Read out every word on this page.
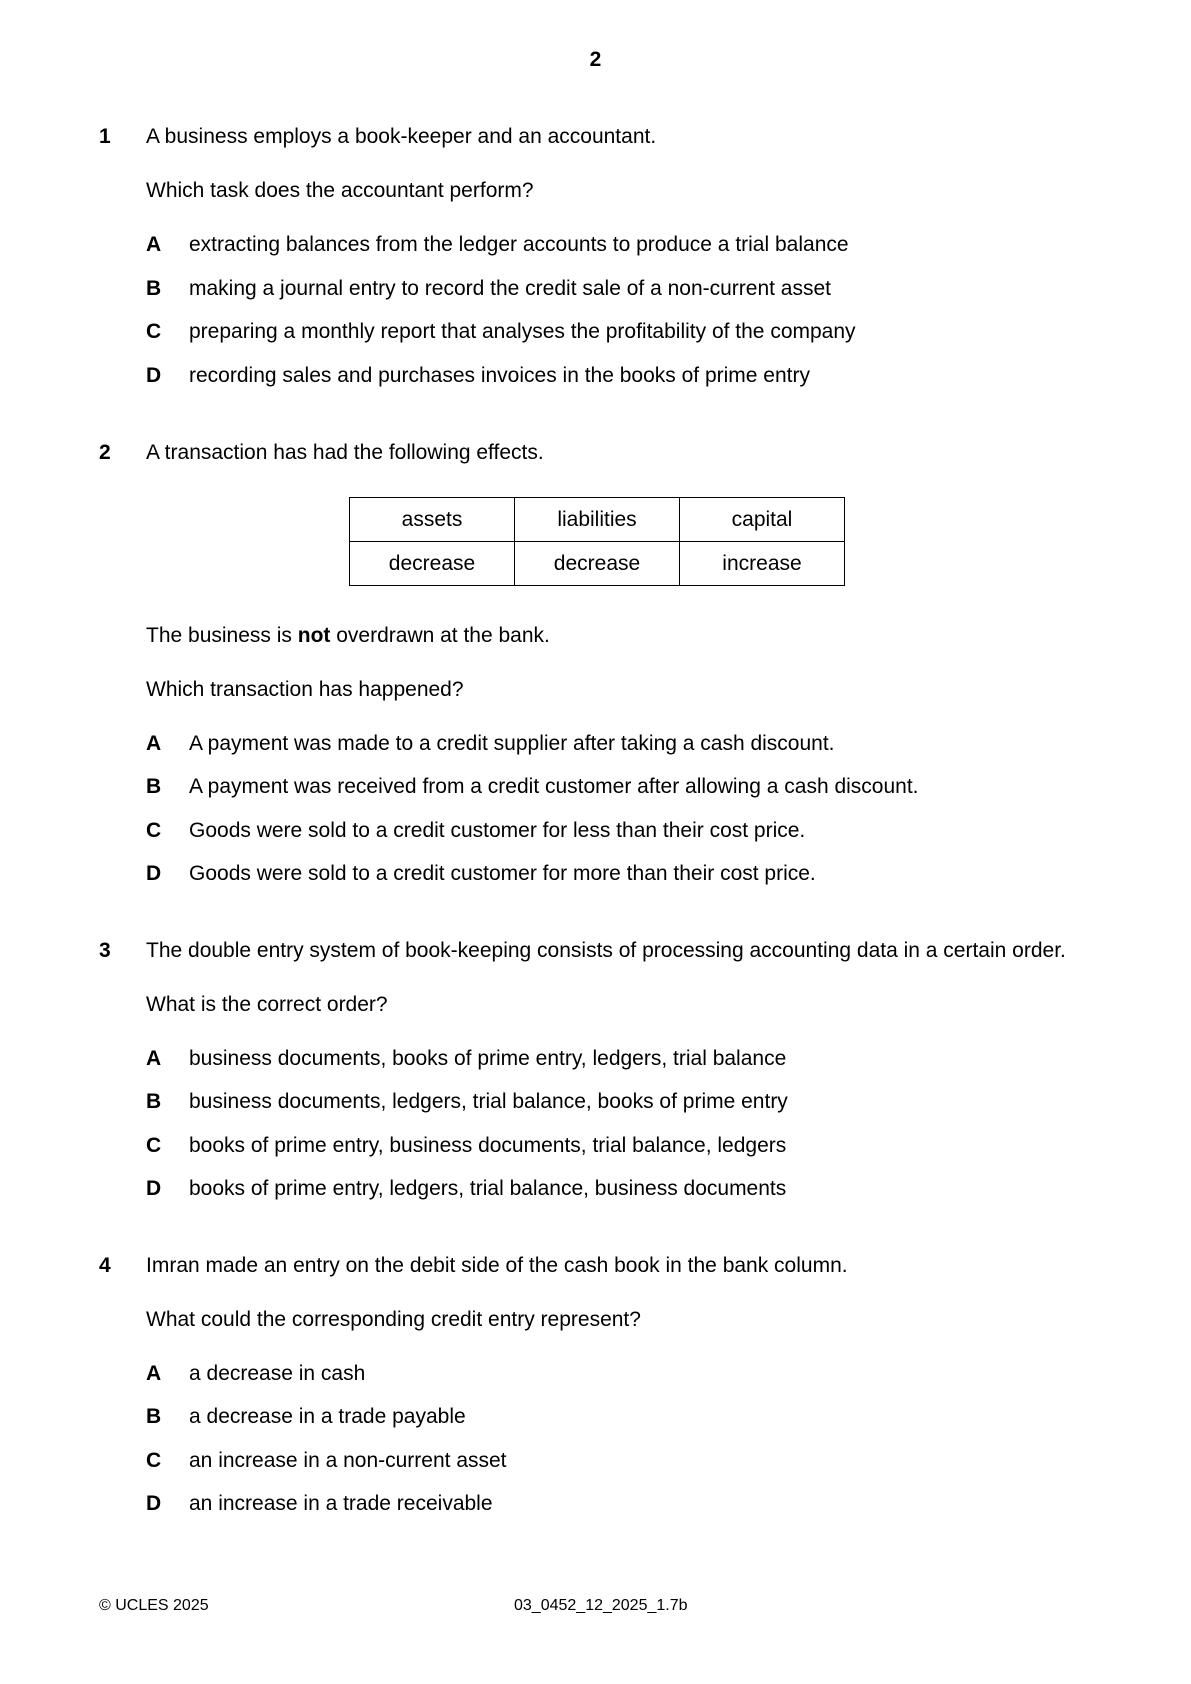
2
1 A business employs a book-keeper and an accountant.
Which task does the accountant perform?
A extracting balances from the ledger accounts to produce a trial balance
B making a journal entry to record the credit sale of a non-current asset
C preparing a monthly report that analyses the profitability of the company
D recording sales and purchases invoices in the books of prime entry
2 A transaction has had the following effects.
assets	liabilities	capital
decrease	decrease	increase
The business is not overdrawn at the bank.
Which transaction has happened?
A A payment was made to a credit supplier after taking a cash discount.
B A payment was received from a credit customer after allowing a cash discount.
C Goods were sold to a credit customer for less than their cost price.
D Goods were sold to a credit customer for more than their cost price.
3 The double entry system of book-keeping consists of processing accounting data in a certain order.
What is the correct order?
A business documents, books of prime entry, ledgers, trial balance
B business documents, ledgers, trial balance, books of prime entry
C books of prime entry, business documents, trial balance, ledgers
D books of prime entry, ledgers, trial balance, business documents
4 Imran made an entry on the debit side of the cash book in the bank column.
What could the corresponding credit entry represent?
A a decrease in cash
B a decrease in a trade payable
C an increase in a non-current asset
D an increase in a trade receivable
© UCLES 2025	03_0452_12_2025_1.7b
